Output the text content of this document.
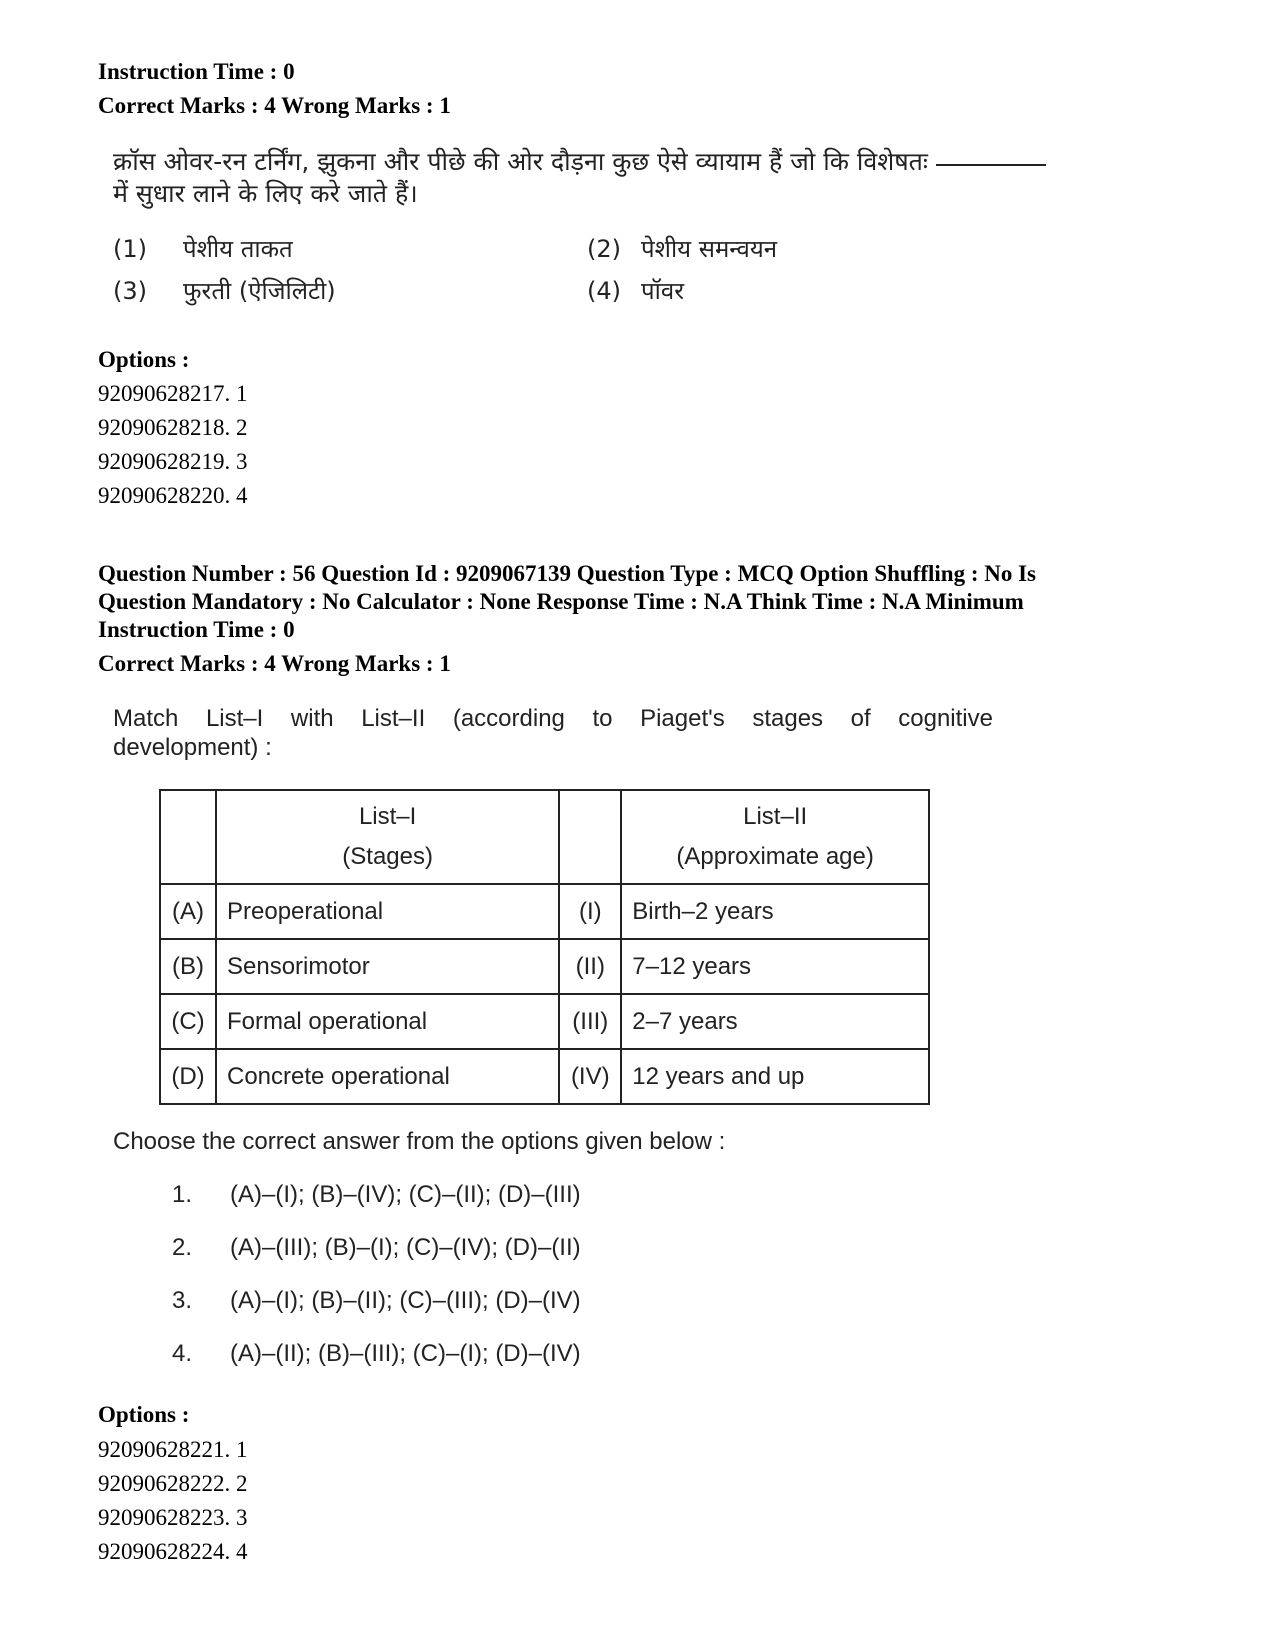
Instruction Time : 0
Correct Marks : 4 Wrong Marks : 1
क्रॉस ओवर-रन टर्निंग, झुकना और पीछे की ओर दौड़ना कुछ ऐसे व्यायाम हैं जो कि विशेषतः
में सुधार लाने के लिए करे जाते हैं।
(1) पेशीय ताकत	(2) पेशीय समन्वयन
(3) फुरती (ऐजिलिटी)	(4) पॉवर
Options :
92090628217. 1
92090628218. 2
92090628219. 3
92090628220. 4
Question Number : 56 Question Id : 9209067139 Question Type : MCQ Option Shuffling : No Is
Question Mandatory : No Calculator : None Response Time : N.A Think Time : N.A Minimum
Instruction Time : 0
Correct Marks : 4 Wrong Marks : 1
Match List–I with List–II (according to Piaget's stages of cognitive
development) :
	List–I
(Stages)		List–II
(Approximate age)
(A)	Preoperational	(I)	Birth–2 years
(B)	Sensorimotor	(II)	7–12 years
(C)	Formal operational	(III)	2–7 years
(D)	Concrete operational	(IV)	12 years and up
Choose the correct answer from the options given below :
1. (A)–(I); (B)–(IV); (C)–(II); (D)–(III)
2. (A)–(III); (B)–(I); (C)–(IV); (D)–(II)
3. (A)–(I); (B)–(II); (C)–(III); (D)–(IV)
4. (A)–(II); (B)–(III); (C)–(I); (D)–(IV)
Options :
92090628221. 1
92090628222. 2
92090628223. 3
92090628224. 4
